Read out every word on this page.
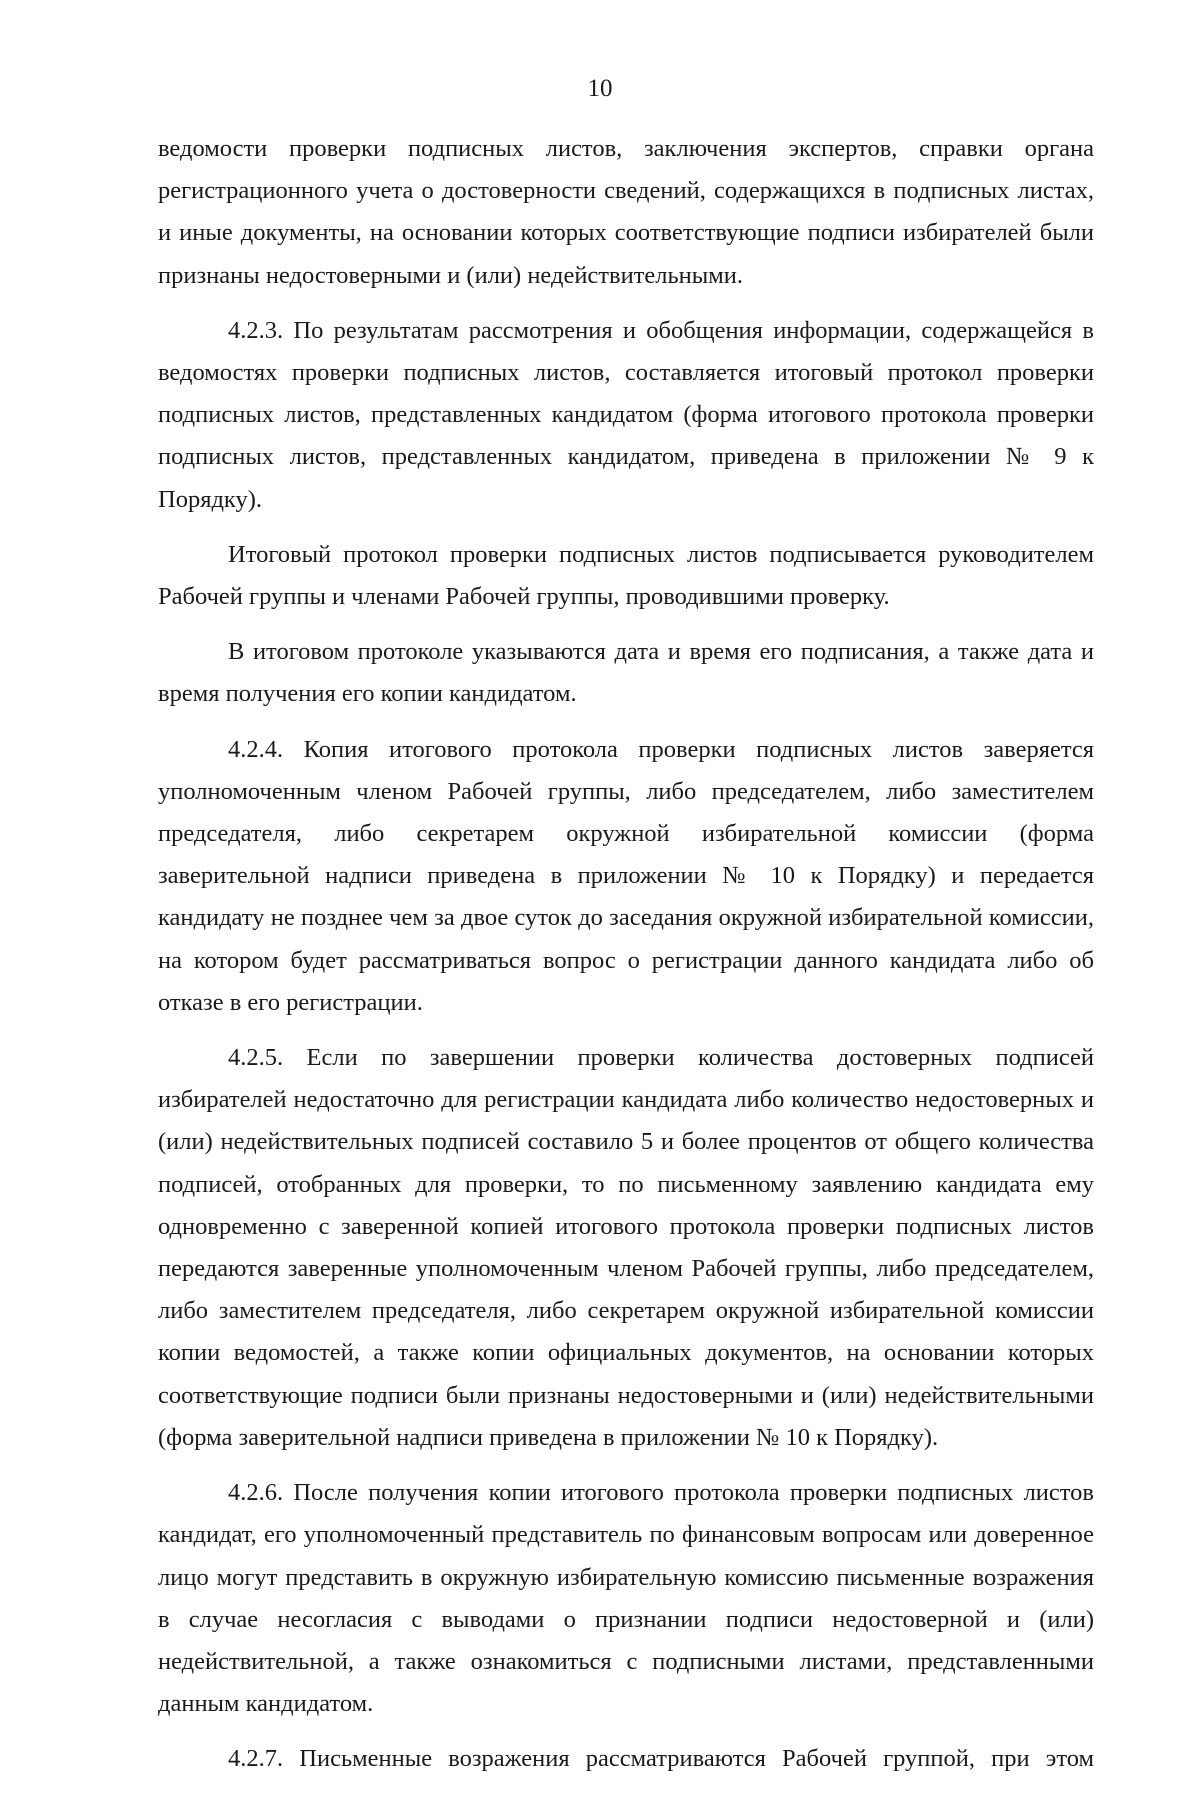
10

ведомости проверки подписных листов, заключения экспертов, справки органа регистрационного учета о достоверности сведений, содержащихся в подписных листах, и иные документы, на основании которых соответствующие подписи избирателей были признаны недостоверными и (или) недействительными.

4.2.3. По результатам рассмотрения и обобщения информации, содержащейся в ведомостях проверки подписных листов, составляется итоговый протокол проверки подписных листов, представленных кандидатом (форма итогового протокола проверки подписных листов, представленных кандидатом, приведена в приложении № 9 к Порядку).

Итоговый протокол проверки подписных листов подписывается руководителем Рабочей группы и членами Рабочей группы, проводившими проверку.

В итоговом протоколе указываются дата и время его подписания, а также дата и время получения его копии кандидатом.

4.2.4. Копия итогового протокола проверки подписных листов заверяется уполномоченным членом Рабочей группы, либо председателем, либо заместителем председателя, либо секретарем окружной избирательной комиссии (форма заверительной надписи приведена в приложении № 10 к Порядку) и передается кандидату не позднее чем за двое суток до заседания окружной избирательной комиссии, на котором будет рассматриваться вопрос о регистрации данного кандидата либо об отказе в его регистрации.

4.2.5. Если по завершении проверки количества достоверных подписей избирателей недостаточно для регистрации кандидата либо количество недостоверных и (или) недействительных подписей составило 5 и более процентов от общего количества подписей, отобранных для проверки, то по письменному заявлению кандидата ему одновременно с заверенной копией итогового протокола проверки подписных листов передаются заверенные уполномоченным членом Рабочей группы, либо председателем, либо заместителем председателя, либо секретарем окружной избирательной комиссии копии ведомостей, а также копии официальных документов, на основании которых соответствующие подписи были признаны недостоверными и (или) недействительными (форма заверительной надписи приведена в приложении № 10 к Порядку).

4.2.6. После получения копии итогового протокола проверки подписных листов кандидат, его уполномоченный представитель по финансовым вопросам или доверенное лицо могут представить в окружную избирательную комиссию письменные возражения в случае несогласия с выводами о признании подписи недостоверной и (или) недействительной, а также ознакомиться с подписными листами, представленными данным кандидатом.

4.2.7. Письменные возражения рассматриваются Рабочей группой, при этом
